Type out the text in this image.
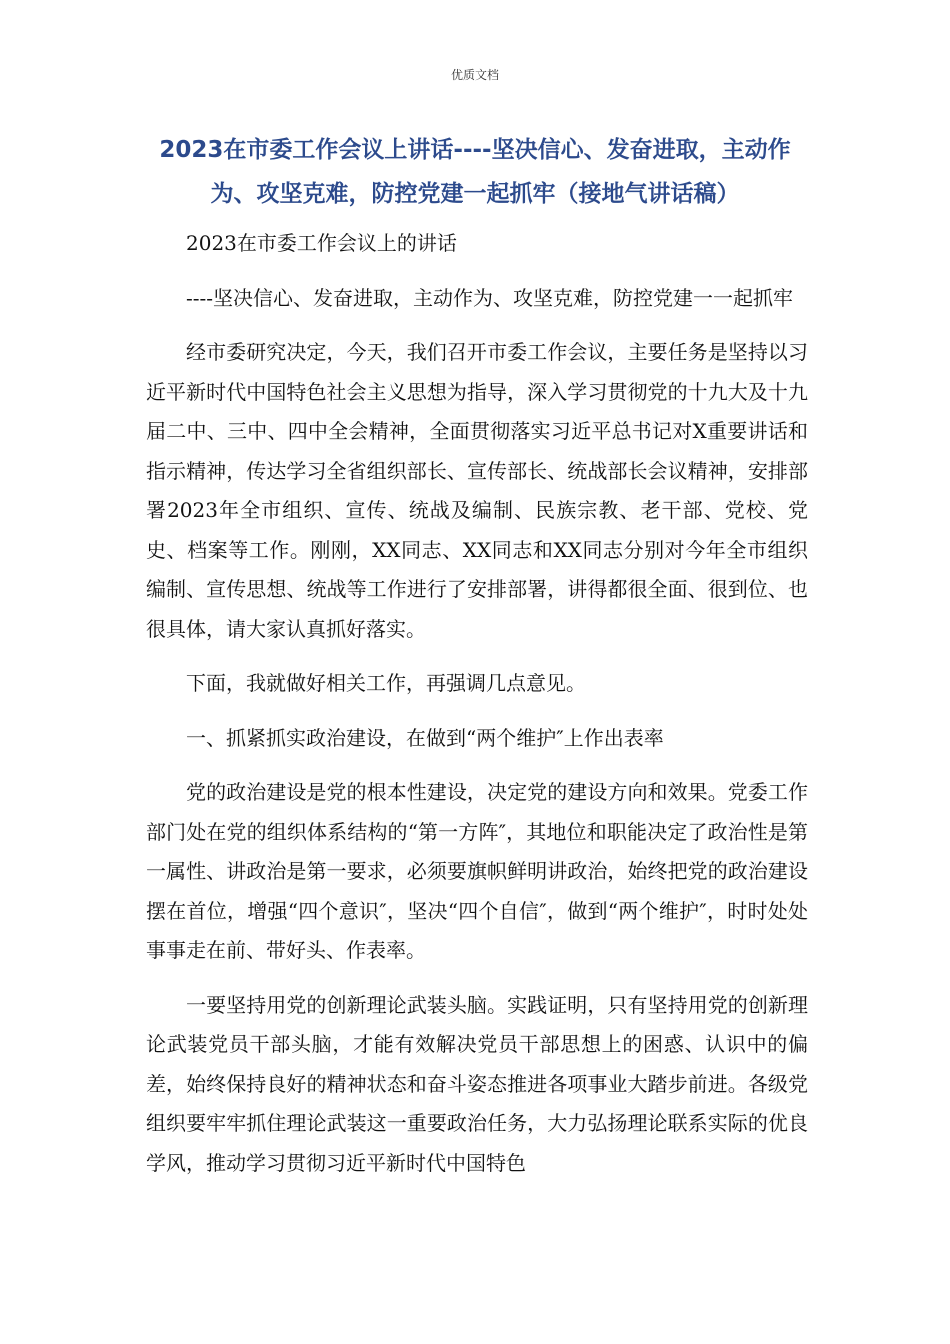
优质文档
2023在市委工作会议上讲话----坚决信心、发奋进取，主动作为、攻坚克难，防控党建一起抓牢（接地气讲话稿）

2023在市委工作会议上的讲话

----坚决信心、发奋进取，主动作为、攻坚克难，防控党建一一起抓牢

经市委研究决定，今天，我们召开市委工作会议，主要任务是坚持以习近平新时代中国特色社会主义思想为指导，深入学习贯彻党的十九大及十九届二中、三中、四中全会精神，全面贯彻落实习近平总书记对X重要讲话和指示精神，传达学习全省组织部长、宣传部长、统战部长会议精神，安排部署2023年全市组织、宣传、统战及编制、民族宗教、老干部、党校、党史、档案等工作。刚刚，XX同志、XX同志和XX同志分别对今年全市组织编制、宣传思想、统战等工作进行了安排部署，讲得都很全面、很到位、也很具体，请大家认真抓好落实。

下面，我就做好相关工作，再强调几点意见。

一、抓紧抓实政治建设，在做到“两个维护″上作出表率

党的政治建设是党的根本性建设，决定党的建设方向和效果。党委工作部门处在党的组织体系结构的“第一方阵″，其地位和职能决定了政治性是第一属性、讲政治是第一要求，必须要旗帜鲜明讲政治，始终把党的政治建设摆在首位，增强“四个意识″，坚决“四个自信″，做到“两个维护″，时时处处事事走在前、带好头、作表率。

一要坚持用党的创新理论武装头脑。实践证明，只有坚持用党的创新理论武装党员干部头脑，才能有效解决党员干部思想上的困惑、认识中的偏差，始终保持良好的精神状态和奋斗姿态推进各项事业大踏步前进。各级党组织要牢牢抓住理论武装这一重要政治任务，大力弘扬理论联系实际的优良学风，推动学习贯彻习近平新时代中国特色
